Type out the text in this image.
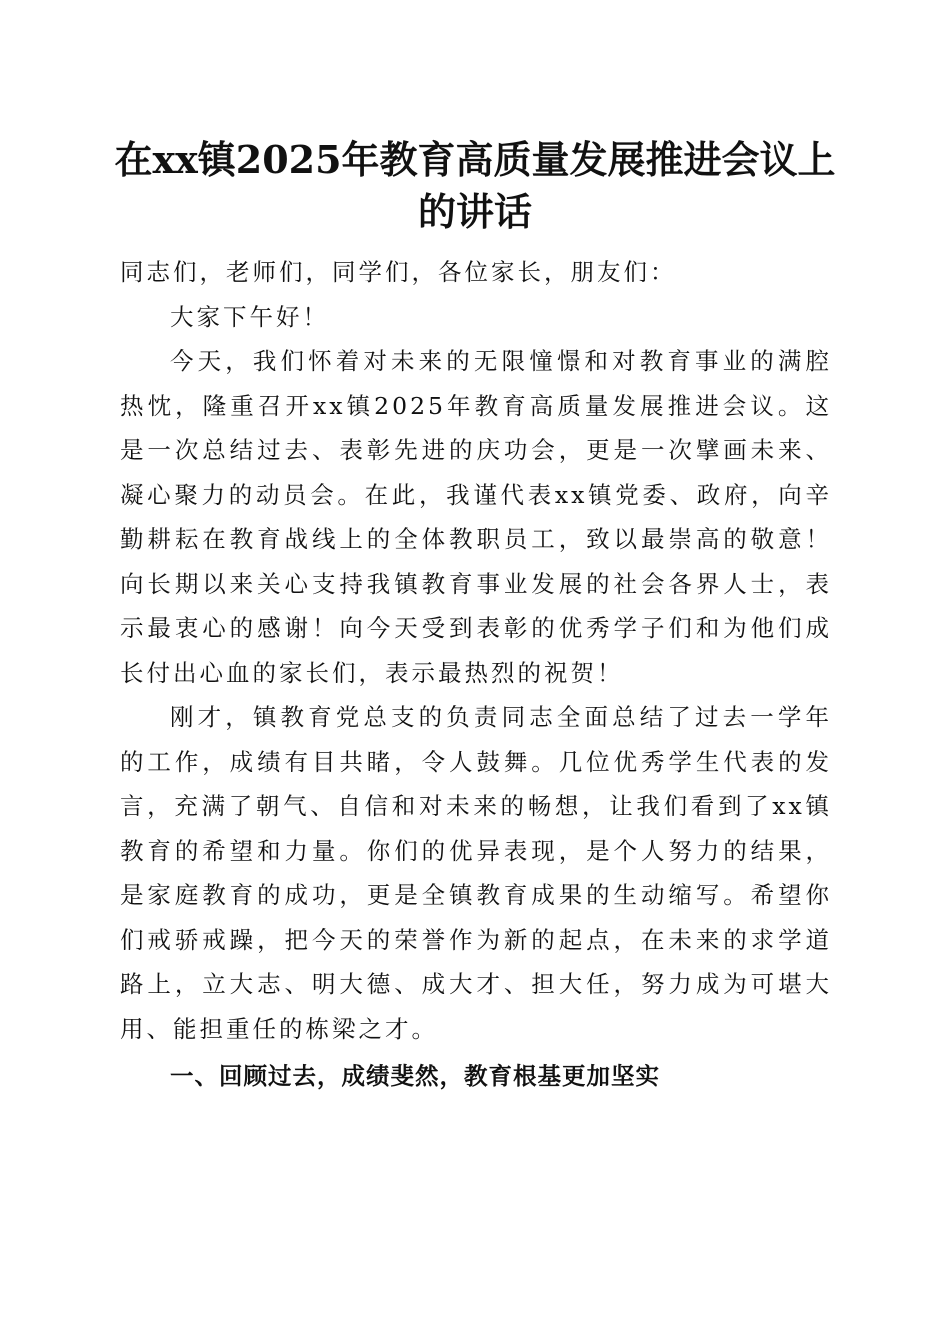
在xx镇2025年教育高质量发展推进会议上的讲话

同志们，老师们，同学们，各位家长，朋友们：

大家下午好！

今天，我们怀着对未来的无限憧憬和对教育事业的满腔热忱，隆重召开xx镇2025年教育高质量发展推进会议。这是一次总结过去、表彰先进的庆功会，更是一次擘画未来、凝心聚力的动员会。在此，我谨代表xx镇党委、政府，向辛勤耕耘在教育战线上的全体教职员工，致以最崇高的敬意！向长期以来关心支持我镇教育事业发展的社会各界人士，表示最衷心的感谢！向今天受到表彰的优秀学子们和为他们成长付出心血的家长们，表示最热烈的祝贺！

刚才，镇教育党总支的负责同志全面总结了过去一学年的工作，成绩有目共睹，令人鼓舞。几位优秀学生代表的发言，充满了朝气、自信和对未来的畅想，让我们看到了xx镇教育的希望和力量。你们的优异表现，是个人努力的结果，是家庭教育的成功，更是全镇教育成果的生动缩写。希望你们戒骄戒躁，把今天的荣誉作为新的起点，在未来的求学道路上，立大志、明大德、成大才、担大任，努力成为可堪大用、能担重任的栋梁之才。

一、回顾过去，成绩斐然，教育根基更加坚实
